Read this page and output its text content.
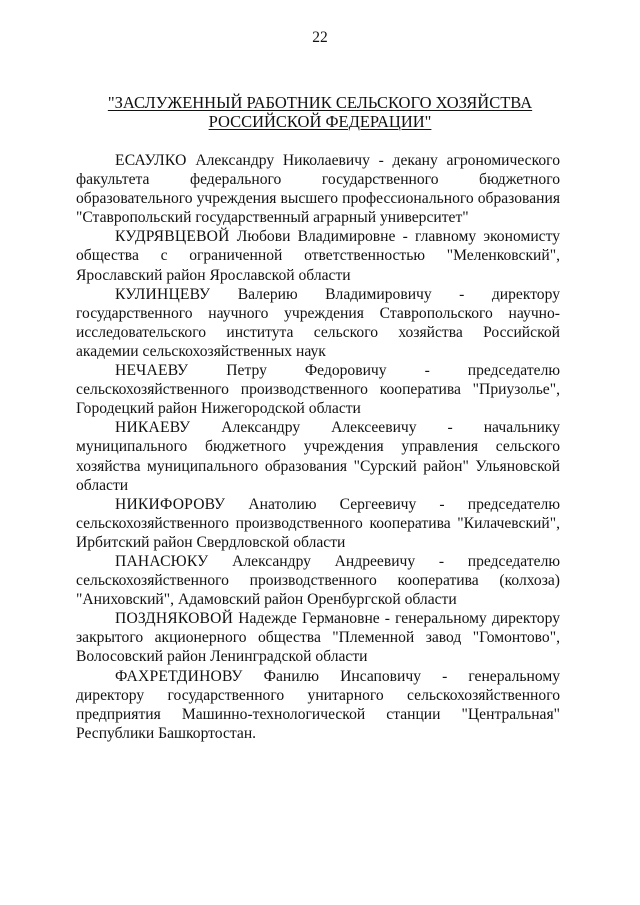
22
"ЗАСЛУЖЕННЫЙ РАБОТНИК СЕЛЬСКОГО ХОЗЯЙСТВА
РОССИЙСКОЙ ФЕДЕРАЦИИ"

ЕСАУЛКО Александру Николаевичу - декану агрономического факультета федерального государственного бюджетного образовательного учреждения высшего профессионального образования "Ставропольский государственный аграрный университет"

КУДРЯВЦЕВОЙ Любови Владимировне - главному экономисту общества с ограниченной ответственностью "Меленковский", Ярославский район Ярославской области

КУЛИНЦЕВУ Валерию Владимировичу - директору государственного научного учреждения Ставропольского научно-исследовательского института сельского хозяйства Российской академии сельскохозяйственных наук

НЕЧАЕВУ Петру Федоровичу - председателю сельскохозяйственного производственного кооператива "Приузолье", Городецкий район Нижегородской области

НИКАЕВУ Александру Алексеевичу - начальнику муниципального бюджетного учреждения управления сельского хозяйства муниципального образования "Сурский район" Ульяновской области

НИКИФОРОВУ Анатолию Сергеевичу - председателю сельскохозяйственного производственного кооператива "Килачевский", Ирбитский район Свердловской области

ПАНАСЮКУ Александру Андреевичу - председателю сельскохозяйственного производственного кооператива (колхоза) "Аниховский", Адамовский район Оренбургской области

ПОЗДНЯКОВОЙ Надежде Германовне - генеральному директору закрытого акционерного общества "Племенной завод "Гомонтово", Волосовский район Ленинградской области

ФАХРЕТДИНОВУ Фанилю Инсаповичу - генеральному директору государственного унитарного сельскохозяйственного предприятия Машинно-технологической станции "Центральная" Республики Башкортостан.
